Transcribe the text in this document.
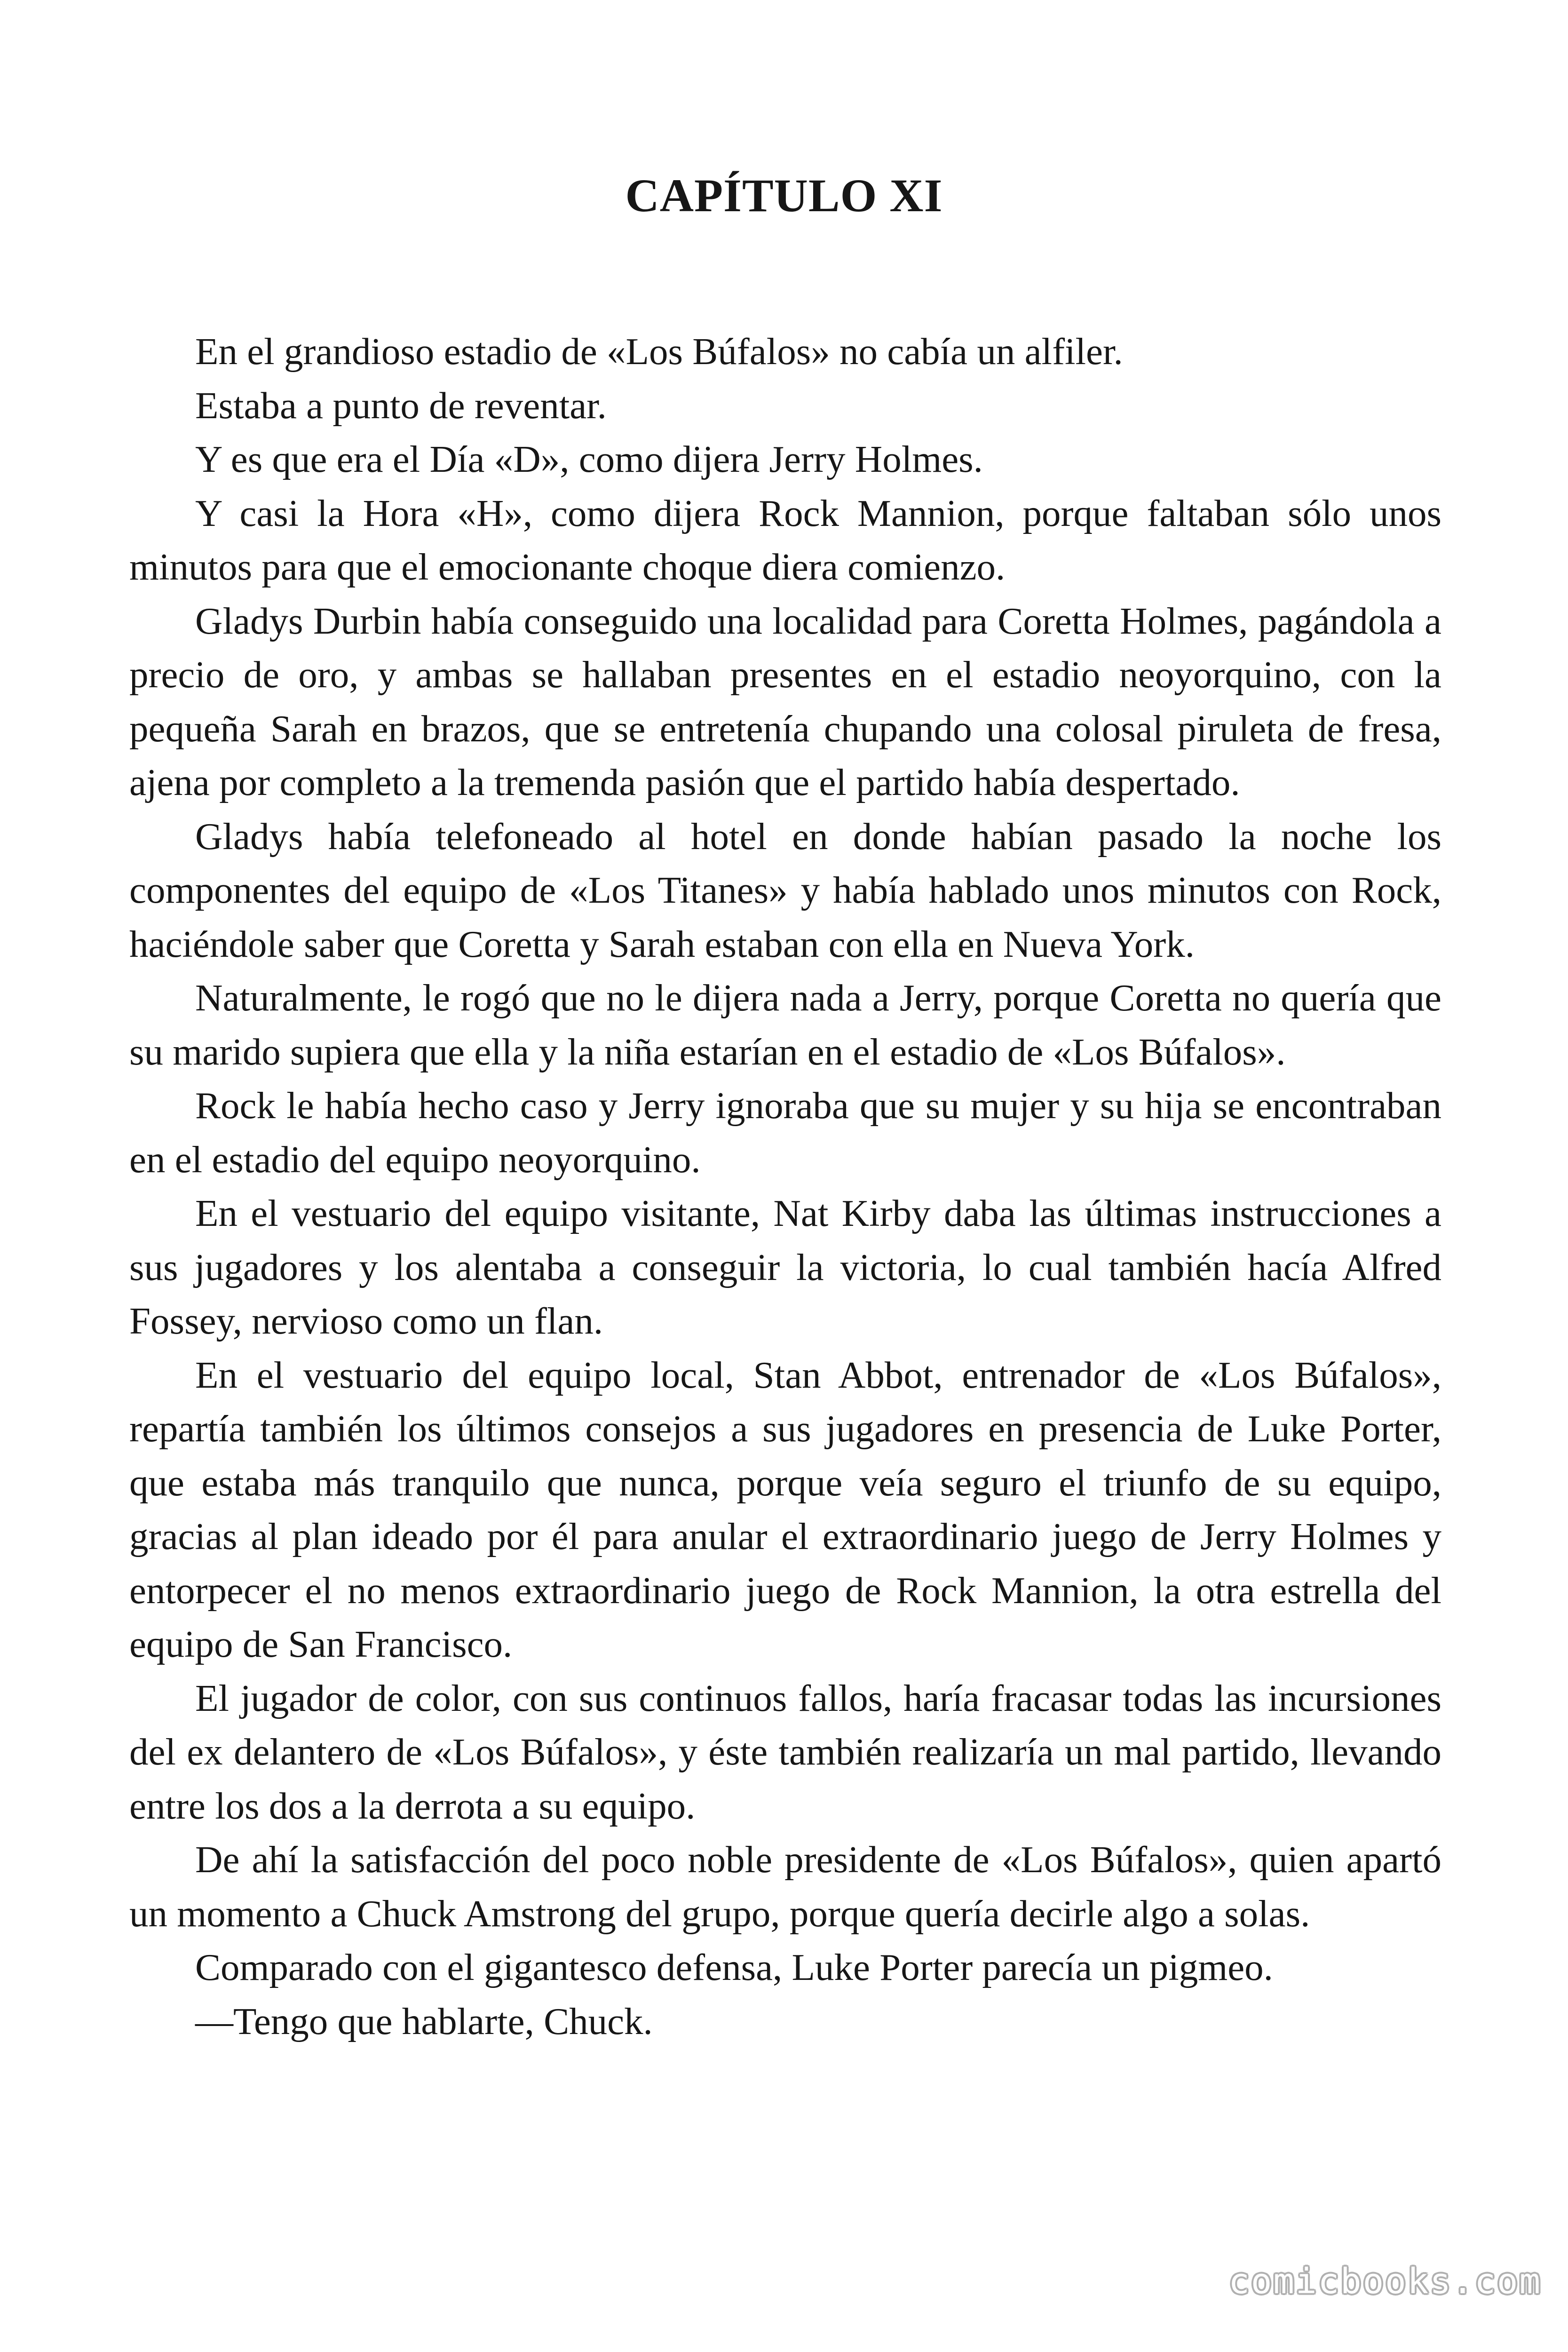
CAPÍTULO XI

En el grandioso estadio de «Los Búfalos» no cabía un alfiler.

Estaba a punto de reventar.

Y es que era el Día «D», como dijera Jerry Holmes.

Y casi la Hora «H», como dijera Rock Mannion, porque faltaban sólo unos minutos para que el emocionante choque diera comienzo.

Gladys Durbin había conseguido una localidad para Coretta Holmes, pagándola a precio de oro, y ambas se hallaban presentes en el estadio neoyorquino, con la pequeña Sarah en brazos, que se entretenía chupando una colosal piruleta de fresa, ajena por completo a la tremenda pasión que el partido había despertado.

Gladys había telefoneado al hotel en donde habían pasado la noche los componentes del equipo de «Los Titanes» y había hablado unos minutos con Rock, haciéndole saber que Coretta y Sarah estaban con ella en Nueva York.

Naturalmente, le rogó que no le dijera nada a Jerry, porque Coretta no quería que su marido supiera que ella y la niña estarían en el estadio de «Los Búfalos».

Rock le había hecho caso y Jerry ignoraba que su mujer y su hija se encontraban en el estadio del equipo neoyorquino.

En el vestuario del equipo visitante, Nat Kirby daba las últimas instrucciones a sus jugadores y los alentaba a conseguir la victoria, lo cual también hacía Alfred Fossey, nervioso como un flan.

En el vestuario del equipo local, Stan Abbot, entrenador de «Los Búfalos», repartía también los últimos consejos a sus jugadores en presencia de Luke Porter, que estaba más tranquilo que nunca, porque veía seguro el triunfo de su equipo, gracias al plan ideado por él para anular el extraordinario juego de Jerry Holmes y entorpecer el no menos extraordinario juego de Rock Mannion, la otra estrella del equipo de San Francisco.

El jugador de color, con sus continuos fallos, haría fracasar todas las incursiones del ex delantero de «Los Búfalos», y éste también realizaría un mal partido, llevando entre los dos a la derrota a su equipo.

De ahí la satisfacción del poco noble presidente de «Los Búfalos», quien apartó un momento a Chuck Amstrong del grupo, porque quería decirle algo a solas.

Comparado con el gigantesco defensa, Luke Porter parecía un pigmeo.

—Tengo que hablarte, Chuck.

comicbooks.com
